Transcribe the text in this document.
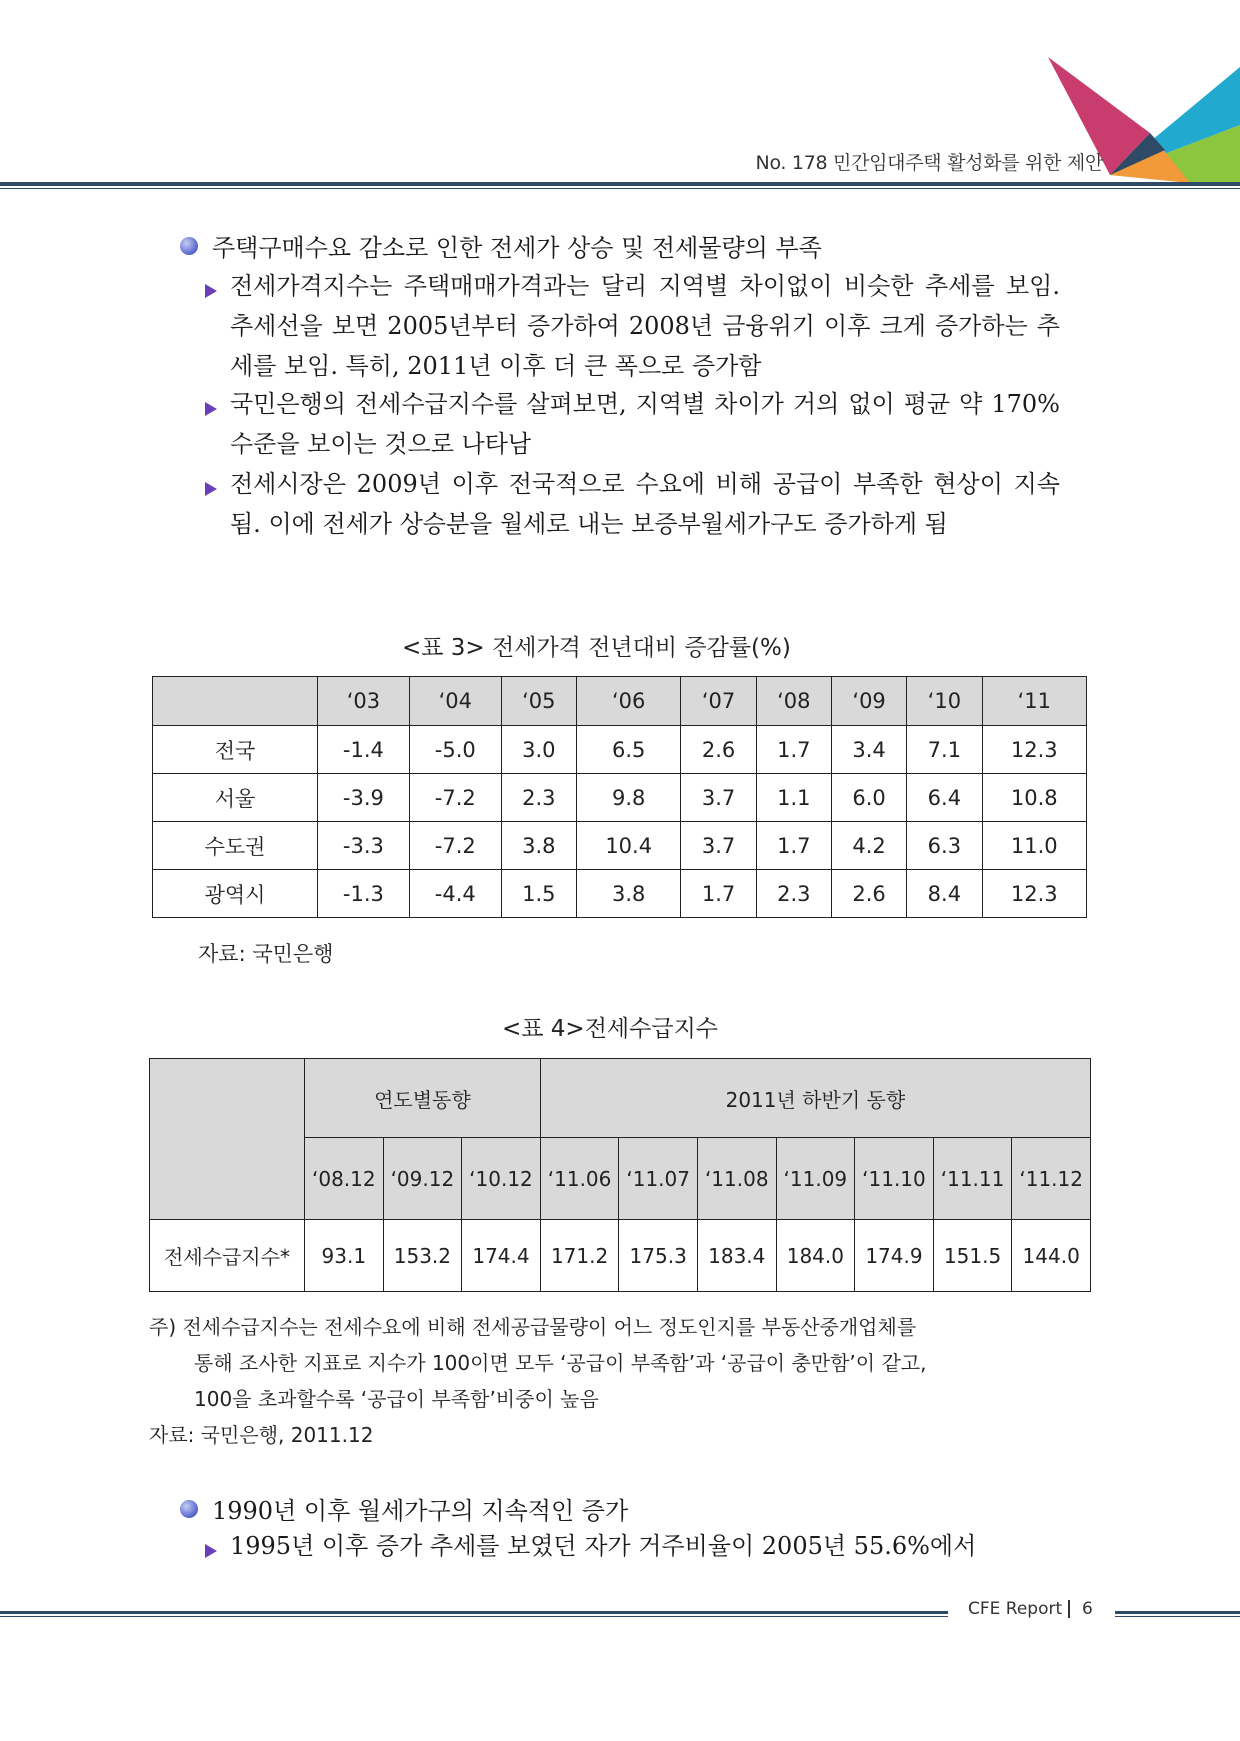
No. 178 민간임대주택 활성화를 위한 제안
주택구매수요 감소로 인한 전세가 상승 및 전세물량의 부족
전세가격지수는 주택매매가격과는 달리 지역별 차이없이 비슷한 추세를 보임. 추세선을 보면 2005년부터 증가하여 2008년 금융위기 이후 크게 증가하는 추세를 보임. 특히, 2011년 이후 더 큰 폭으로 증가함
국민은행의 전세수급지수를 살펴보면, 지역별 차이가 거의 없이 평균 약 170% 수준을 보이는 것으로 나타남
전세시장은 2009년 이후 전국적으로 수요에 비해 공급이 부족한 현상이 지속됨. 이에 전세가 상승분을 월세로 내는 보증부월세가구도 증가하게 됨
<표 3> 전세가격 전년대비 증감률(%)
	‘03	‘04	‘05	‘06	‘07	‘08	‘09	‘10	‘11
전국	-1.4	-5.0	3.0	6.5	2.6	1.7	3.4	7.1	12.3
서울	-3.9	-7.2	2.3	9.8	3.7	1.1	6.0	6.4	10.8
수도권	-3.3	-7.2	3.8	10.4	3.7	1.7	4.2	6.3	11.0
광역시	-1.3	-4.4	1.5	3.8	1.7	2.3	2.6	8.4	12.3
자료: 국민은행
<표 4>전세수급지수
	연도별동향			2011년 하반기 동향						
	‘08.12	‘09.12	‘10.12	‘11.06	‘11.07	‘11.08	‘11.09	‘11.10	‘11.11	‘11.12
전세수급지수*	93.1	153.2	174.4	171.2	175.3	183.4	184.0	174.9	151.5	144.0
주) 전세수급지수는 전세수요에 비해 전세공급물량이 어느 정도인지를 부동산중개업체를
통해 조사한 지표로 지수가 100이면 모두 ‘공급이 부족함’과 ‘공급이 충만함’이 같고,
100을 초과할수록 ‘공급이 부족함’비중이 높음
자료: 국민은행, 2011.12
1990년 이후 월세가구의 지속적인 증가
1995년 이후 증가 추세를 보였던 자가 거주비율이 2005년 55.6%에서
CFE Report 6
